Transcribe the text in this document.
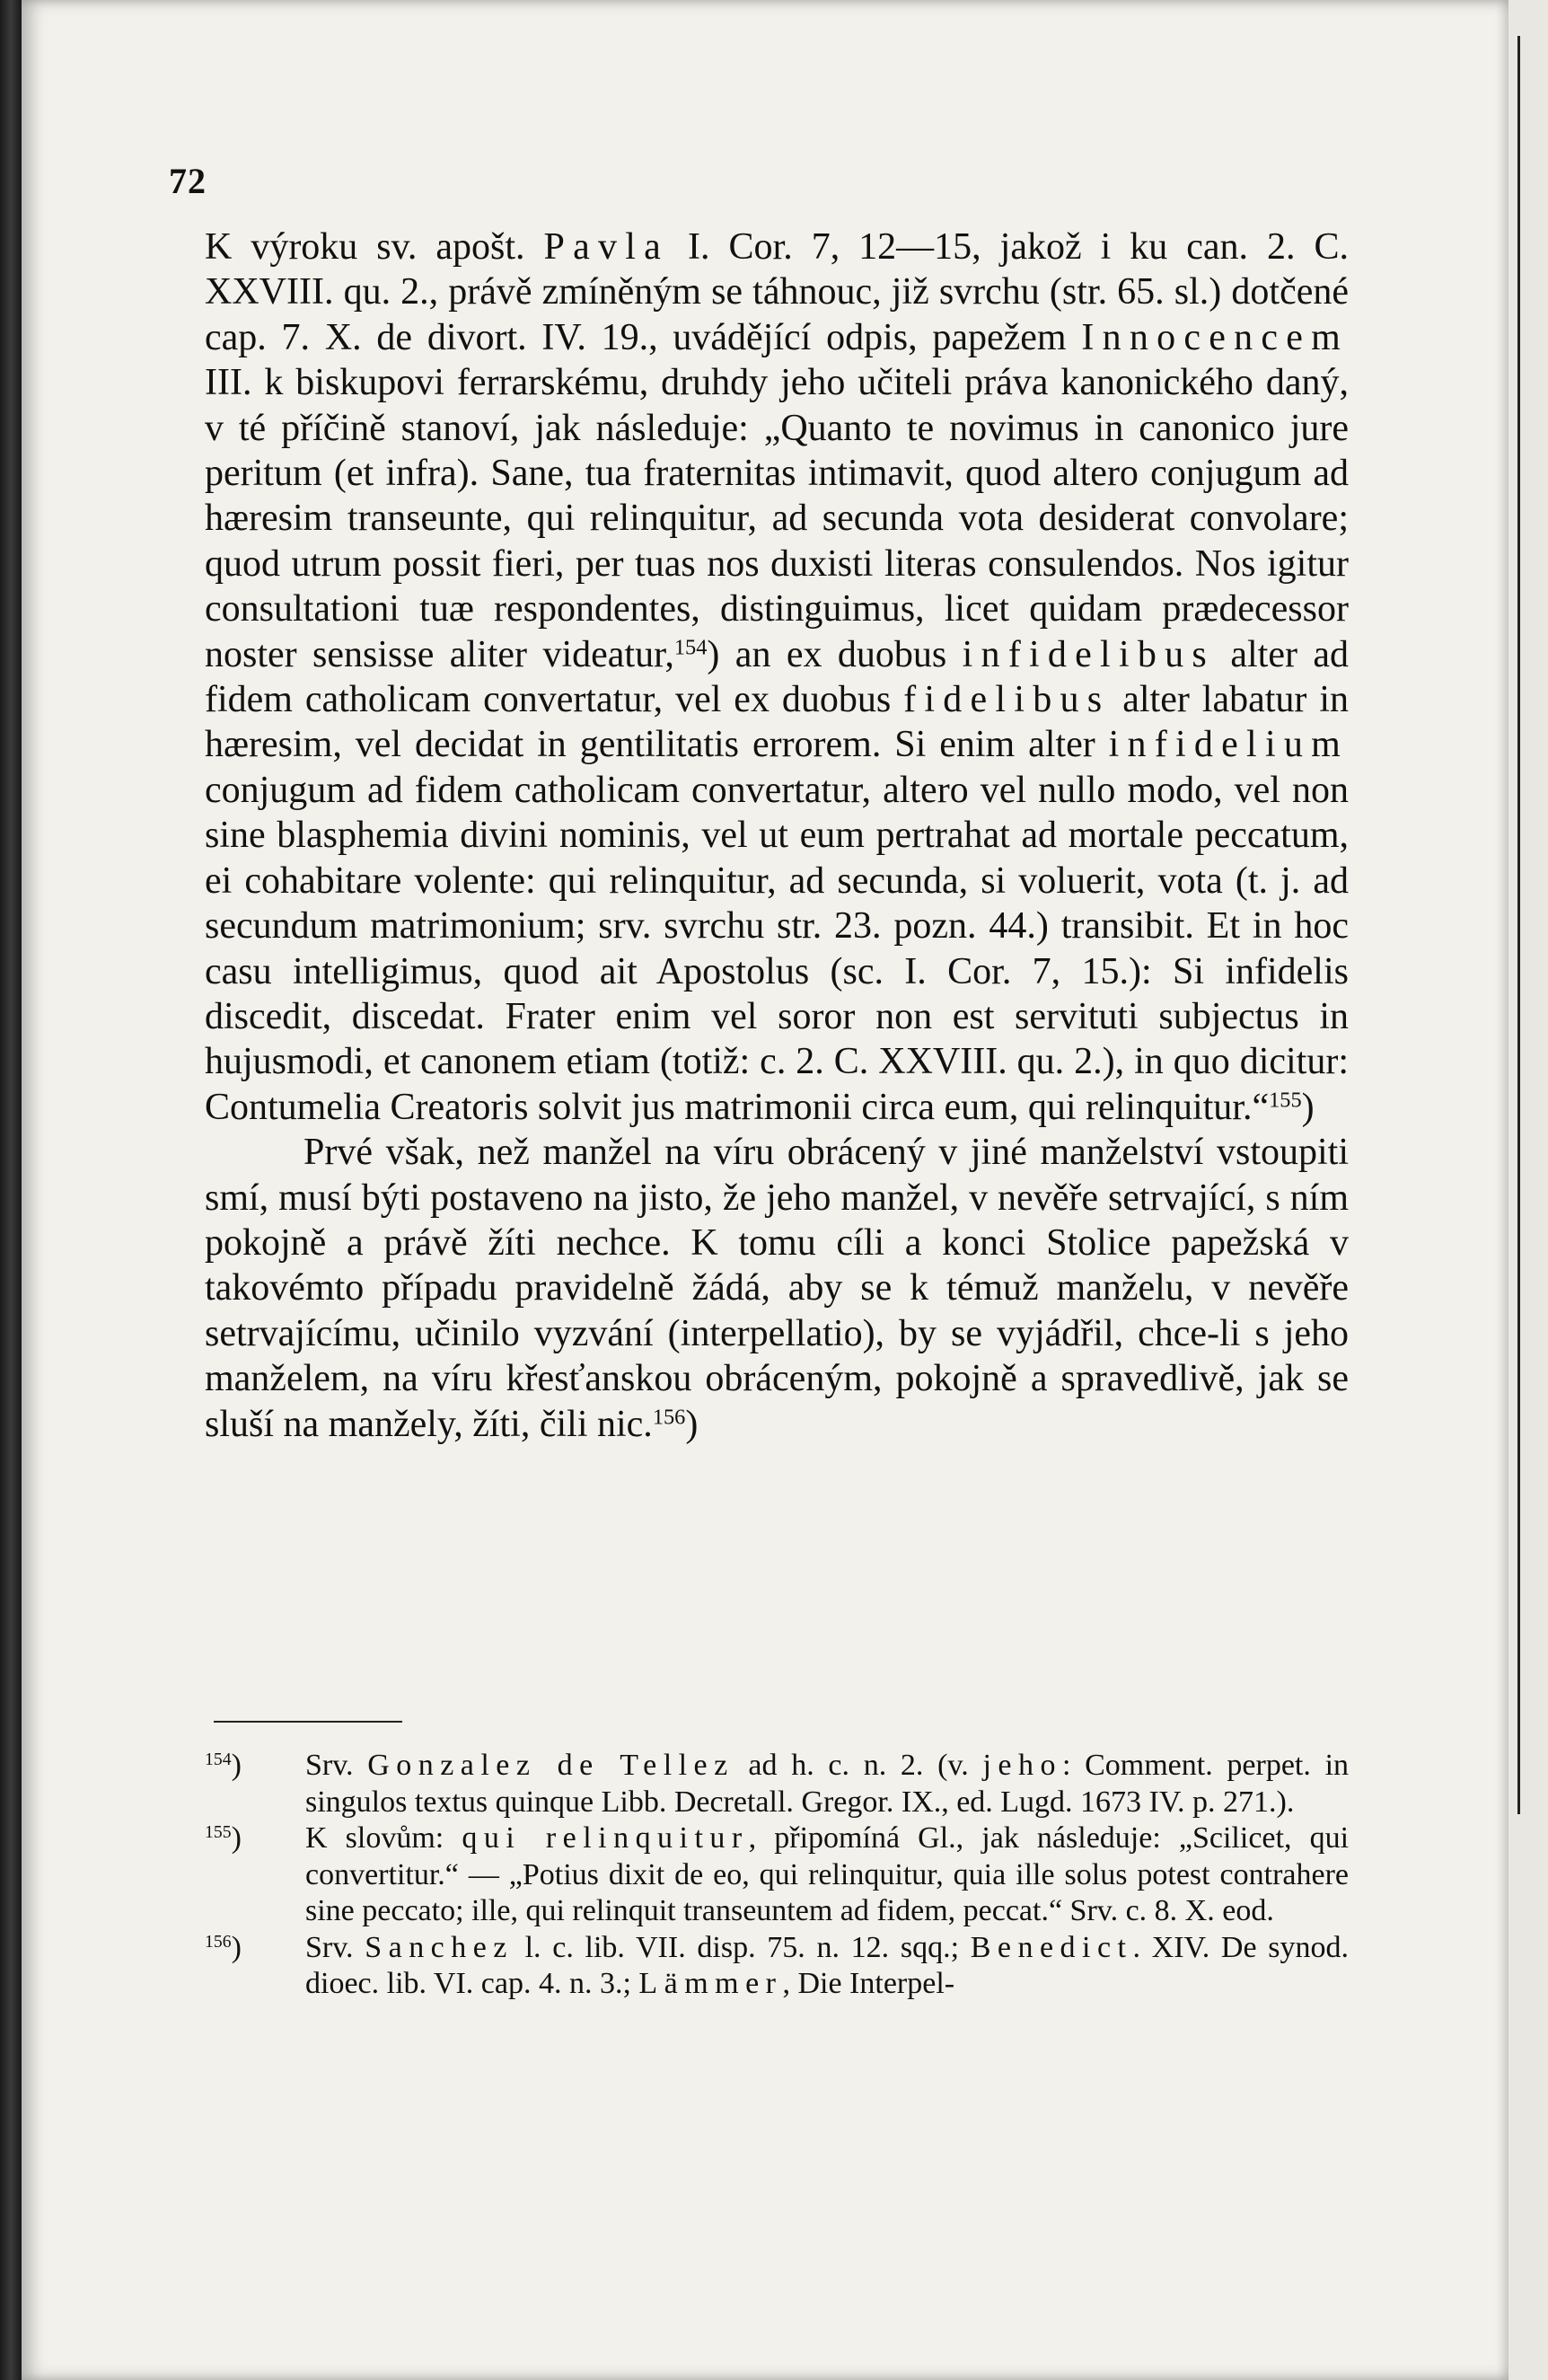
72

K výroku sv. apošt. Pavla I. Cor. 7, 12—15, jakož i ku can. 2. C. XXVIII. qu. 2., právě zmíněným se táhnouc, již svrchu (str. 65. sl.) dotčené cap. 7. X. de divort. IV. 19., uvádějící odpis, papežem Innocencem III. k biskupovi ferrarskému, druhdy jeho učiteli práva kanonického daný, v té příčině stanoví, jak následuje: „Quanto te novimus in canonico jure peritum (et infra). Sane, tua fraternitas intimavit, quod altero conjugum ad hæresim transeunte, qui relinquitur, ad secunda vota desiderat convolare; quod utrum possit fieri, per tuas nos duxisti literas consulendos. Nos igitur consultationi tuæ respondentes, distinguimus, licet quidam prædecessor noster sensisse aliter videatur,$^{154}$) an ex duobus infidelibus alter ad fidem catholicam convertatur, vel ex duobus fidelibus alter labatur in hæresim, vel decidat in gentilitatis errorem. Si enim alter infidelium conjugum ad fidem catholicam convertatur, altero vel nullo modo, vel non sine blasphemia divini nominis, vel ut eum pertrahat ad mortale peccatum, ei cohabitare volente: qui relinquitur, ad secunda, si voluerit, vota (t. j. ad secundum matrimonium; srv. svrchu str. 23. pozn. 44.) transibit. Et in hoc casu intelligimus, quod ait Apostolus (sc. I. Cor. 7, 15.): Si infidelis discedit, discedat. Frater enim vel soror non est servituti subjectus in hujusmodi, et canonem etiam (totiž: c. 2. C. XXVIII. qu. 2.), in quo dicitur: Contumelia Creatoris solvit jus matrimonii circa eum, qui relinquitur.“$^{155}$)

Prvé však, než manžel na víru obrácený v jiné manželství vstoupiti smí, musí býti postaveno na jisto, že jeho manžel, v nevěře setrvající, s ním pokojně a právě žíti nechce. K tomu cíli a konci Stolice papežská v takovémto případu pravidelně žádá, aby se k témuž manželu, v nevěře setrvajícímu, učinilo vyzvání (interpellatio), by se vyjádřil, chce-li s jeho manželem, na víru křesťanskou obráceným, pokojně a spravedlivě, jak se sluší na manžely, žíti, čili nic.$^{156}$)

$^{154}$)	Srv. Gonzalez de Tellez ad h. c. n. 2. (v. jeho: Comment. perpet. in singulos textus quinque Libb. Decretall. Gregor. IX., ed. Lugd. 1673 IV. p. 271.).
$^{155}$)	K slovům: qui relinquitur, připomíná Gl., jak následuje: „Scilicet, qui convertitur.“ — „Potius dixit de eo, qui relinquitur, quia ille solus potest contrahere sine peccato; ille, qui relinquit transeuntem ad fidem, peccat.“ Srv. c. 8. X. eod.
$^{156}$)	Srv. Sanchez l. c. lib. VII. disp. 75. n. 12. sqq.; Benedict. XIV. De synod. dioec. lib. VI. cap. 4. n. 3.; Lämmer, Die Interpel-
